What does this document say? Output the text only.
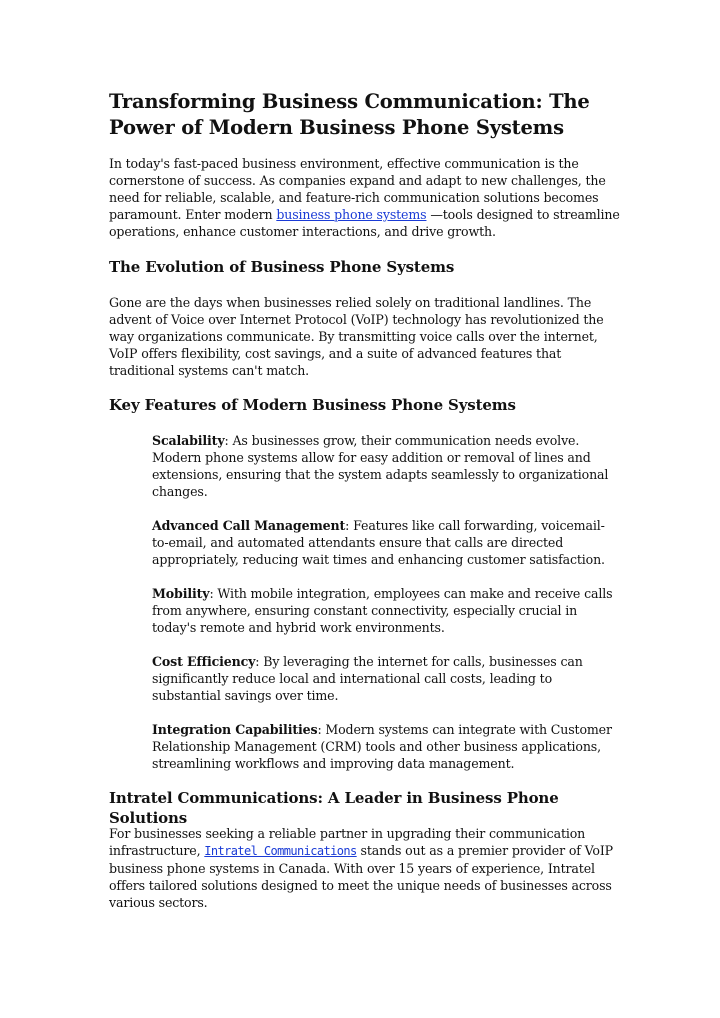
Transforming Business Communication: The Power of Modern Business Phone Systems

In today's fast-paced business environment, effective communication is the cornerstone of success. As companies expand and adapt to new challenges, the need for reliable, scalable, and feature-rich communication solutions becomes paramount. Enter modern business phone systems —tools designed to streamline operations, enhance customer interactions, and drive growth.

The Evolution of Business Phone Systems

Gone are the days when businesses relied solely on traditional landlines. The advent of Voice over Internet Protocol (VoIP) technology has revolutionized the way organizations communicate. By transmitting voice calls over the internet, VoIP offers flexibility, cost savings, and a suite of advanced features that traditional systems can't match.

Key Features of Modern Business Phone Systems

Scalability: As businesses grow, their communication needs evolve. Modern phone systems allow for easy addition or removal of lines and extensions, ensuring that the system adapts seamlessly to organizational changes.

Advanced Call Management: Features like call forwarding, voicemail-to-email, and automated attendants ensure that calls are directed appropriately, reducing wait times and enhancing customer satisfaction.

Mobility: With mobile integration, employees can make and receive calls from anywhere, ensuring constant connectivity, especially crucial in today's remote and hybrid work environments.

Cost Efficiency: By leveraging the internet for calls, businesses can significantly reduce local and international call costs, leading to substantial savings over time.

Integration Capabilities: Modern systems can integrate with Customer Relationship Management (CRM) tools and other business applications, streamlining workflows and improving data management.

Intratel Communications: A Leader in Business Phone Solutions

For businesses seeking a reliable partner in upgrading their communication infrastructure, Intratel Communications stands out as a premier provider of VoIP business phone systems in Canada. With over 15 years of experience, Intratel offers tailored solutions designed to meet the unique needs of businesses across various sectors.
